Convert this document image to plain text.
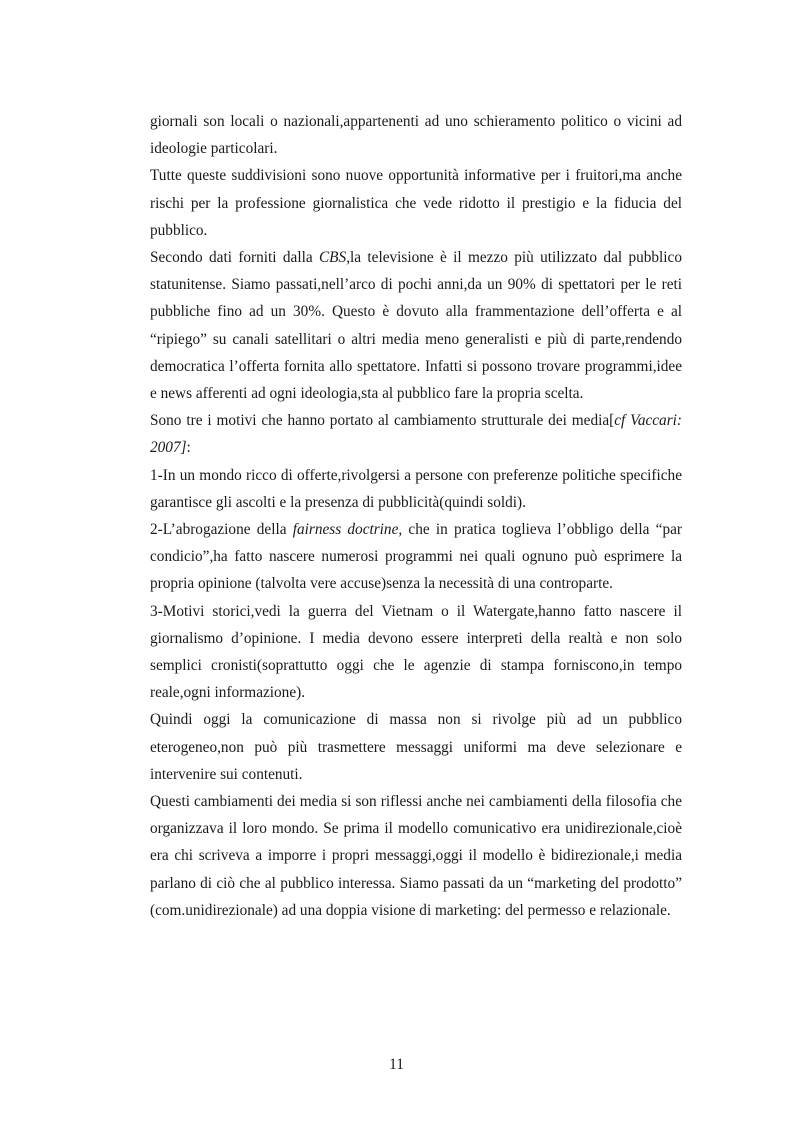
giornali son locali o nazionali,appartenenti ad uno schieramento politico o vicini ad ideologie particolari.

Tutte queste suddivisioni sono nuove opportunità informative per i fruitori,ma anche rischi per la professione giornalistica che vede ridotto il prestigio e la fiducia del pubblico.

Secondo dati forniti dalla CBS,la televisione è il mezzo più utilizzato dal pubblico statunitense. Siamo passati,nell’arco di pochi anni,da un 90% di spettatori per le reti pubbliche fino ad un 30%. Questo è dovuto alla frammentazione dell’offerta e al “ripiego” su canali satellitari o altri media meno generalisti e più di parte,rendendo democratica l’offerta fornita allo spettatore. Infatti si possono trovare programmi,idee e news afferenti ad ogni ideologia,sta al pubblico fare la propria scelta.

Sono tre i motivi che hanno portato al cambiamento strutturale dei media[cf Vaccari: 2007]:

1-In un mondo ricco di offerte,rivolgersi a persone con preferenze politiche specifiche garantisce gli ascolti e la presenza di pubblicità(quindi soldi).

2-L’abrogazione della fairness doctrine, che in pratica toglieva l’obbligo della “par condicio”,ha fatto nascere numerosi programmi nei quali ognuno può esprimere la propria opinione (talvolta vere accuse)senza la necessità di una controparte.

3-Motivi storici,vedi la guerra del Vietnam o il Watergate,hanno fatto nascere il giornalismo d’opinione. I media devono essere interpreti della realtà e non solo semplici cronisti(soprattutto oggi che le agenzie di stampa forniscono,in tempo reale,ogni informazione).

Quindi oggi la comunicazione di massa non si rivolge più ad un pubblico eterogeneo,non può più trasmettere messaggi uniformi ma deve selezionare e intervenire sui contenuti.

Questi cambiamenti dei media si son riflessi anche nei cambiamenti della filosofia che organizzava il loro mondo. Se prima il modello comunicativo era unidirezionale,cioè era chi scriveva a imporre i propri messaggi,oggi il modello è bidirezionale,i media parlano di ciò che al pubblico interessa. Siamo passati da un “marketing del prodotto” (com.unidirezionale) ad una doppia visione di marketing: del permesso e relazionale.

11
